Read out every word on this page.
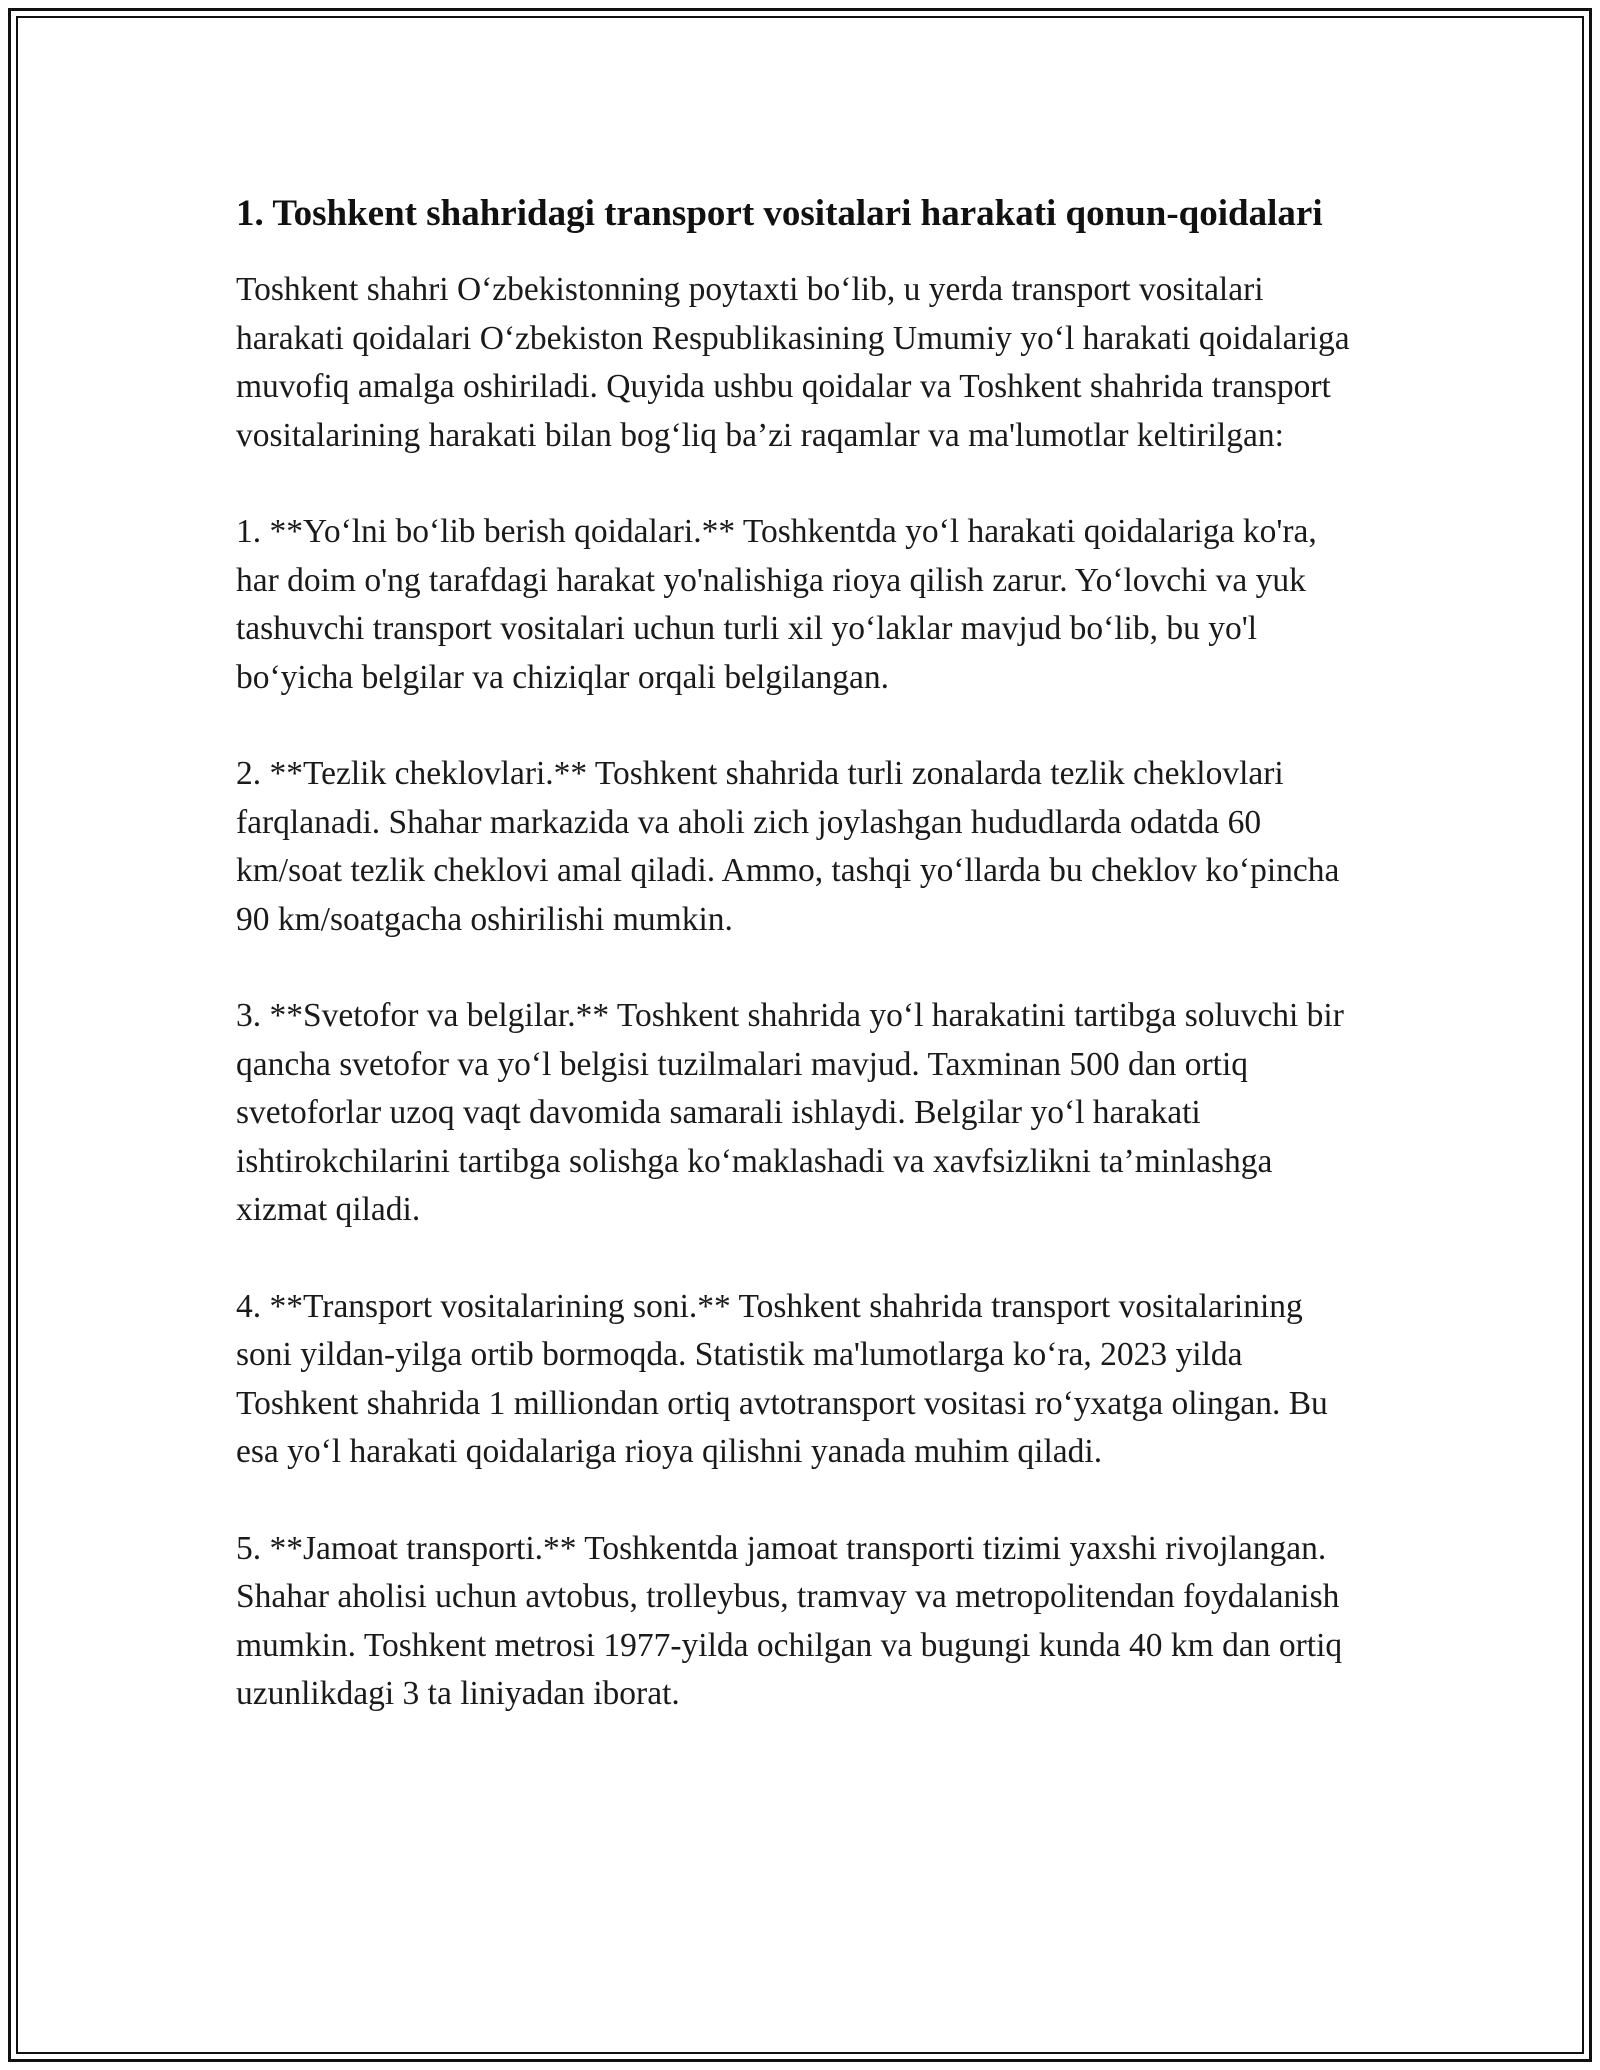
1. Toshkent shahridagi transport vositalari harakati qonun-qoidalari

Toshkent shahri O‘zbekistonning poytaxti bo‘lib, u yerda transport vositalari harakati qoidalari O‘zbekiston Respublikasining Umumiy yo‘l harakati qoidalariga muvofiq amalga oshiriladi. Quyida ushbu qoidalar va Toshkent shahrida transport vositalarining harakati bilan bog‘liq ba’zi raqamlar va ma'lumotlar keltirilgan:

1. **Yo‘lni bo‘lib berish qoidalari.** Toshkentda yo‘l harakati qoidalariga ko'ra, har doim o'ng tarafdagi harakat yo'nalishiga rioya qilish zarur. Yo‘lovchi va yuk tashuvchi transport vositalari uchun turli xil yo‘laklar mavjud bo‘lib, bu yo'l bo‘yicha belgilar va chiziqlar orqali belgilangan.

2. **Tezlik cheklovlari.** Toshkent shahrida turli zonalarda tezlik cheklovlari farqlanadi. Shahar markazida va aholi zich joylashgan hududlarda odatda 60 km/soat tezlik cheklovi amal qiladi. Ammo, tashqi yo‘llarda bu cheklov ko‘pincha 90 km/soatgacha oshirilishi mumkin.

3. **Svetofor va belgilar.** Toshkent shahrida yo‘l harakatini tartibga soluvchi bir qancha svetofor va yo‘l belgisi tuzilmalari mavjud. Taxminan 500 dan ortiq svetoforlar uzoq vaqt davomida samarali ishlaydi. Belgilar yo‘l harakati ishtirokchilarini tartibga solishga ko‘maklashadi va xavfsizlikni ta’minlashga xizmat qiladi.

4. **Transport vositalarining soni.** Toshkent shahrida transport vositalarining soni yildan-yilga ortib bormoqda. Statistik ma'lumotlarga ko‘ra, 2023 yilda Toshkent shahrida 1 milliondan ortiq avtotransport vositasi ro‘yxatga olingan. Bu esa yo‘l harakati qoidalariga rioya qilishni yanada muhim qiladi.

5. **Jamoat transporti.** Toshkentda jamoat transporti tizimi yaxshi rivojlangan. Shahar aholisi uchun avtobus, trolleybus, tramvay va metropolitendan foydalanish mumkin. Toshkent metrosi 1977-yilda ochilgan va bugungi kunda 40 km dan ortiq uzunlikdagi 3 ta liniyadan iborat.
